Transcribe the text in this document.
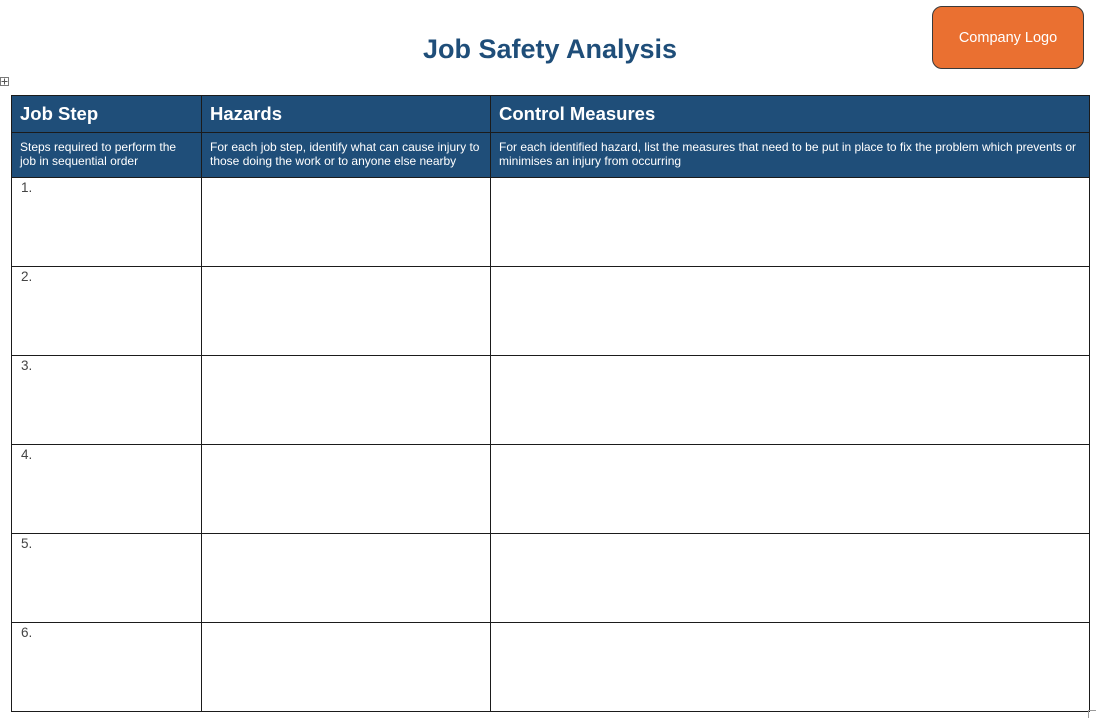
Job Safety Analysis	Company Logo
Job Step	Hazards	Control Measures
Steps required to perform the job in sequential order	For each job step, identify what can cause injury to those doing the work or to anyone else nearby	For each identified hazard, list the measures that need to be put in place to fix the problem which prevents or minimises an injury from occurring
1.		
2.		
3.		
4.		
5.		
6.		
